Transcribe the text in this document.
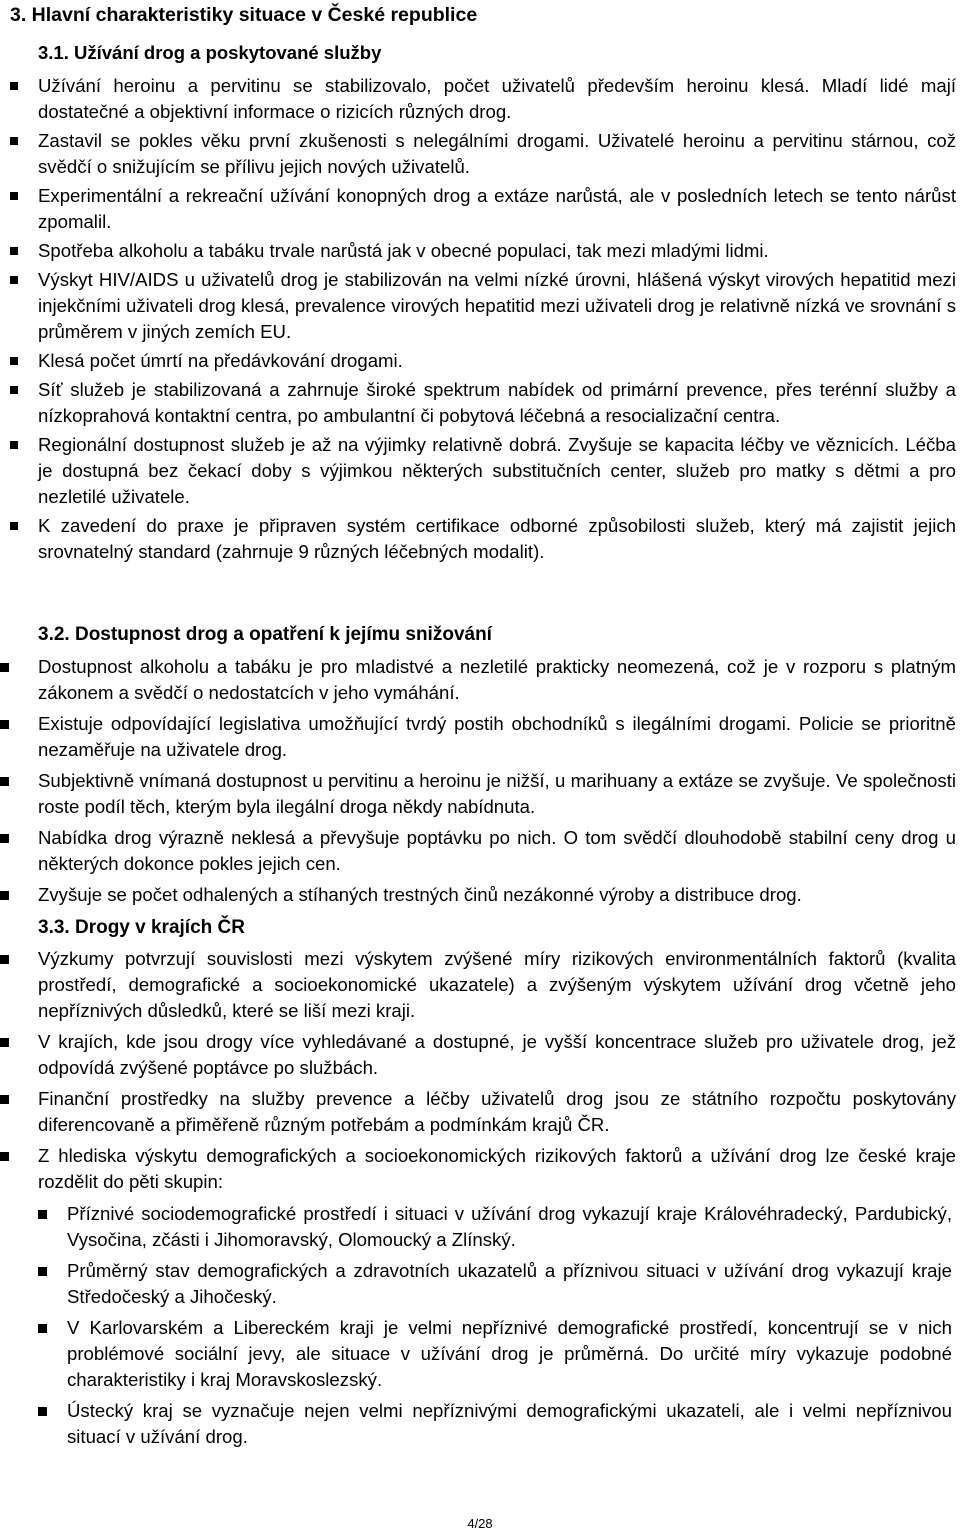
3. Hlavní charakteristiky situace v České republice
3.1. Užívání drog a poskytované služby
Užívání heroinu a pervitinu se stabilizovalo, počet uživatelů především heroinu klesá. Mladí lidé mají dostatečné a objektivní informace o rizicích různých drog.
Zastavil se pokles věku první zkušenosti s nelegálními drogami. Uživatelé heroinu a pervitinu stárnou, což svědčí o snižujícím se přílivu jejich nových uživatelů.
Experimentální a rekreační užívání konopných drog a extáze narůstá, ale v posledních letech se tento nárůst zpomalil.
Spotřeba alkoholu a tabáku trvale narůstá jak v obecné populaci, tak mezi mladými lidmi.
Výskyt HIV/AIDS u uživatelů drog je stabilizován na velmi nízké úrovni, hlášená výskyt virových hepatitid mezi injekčními uživateli drog klesá, prevalence virových hepatitid mezi uživateli drog je relativně nízká ve srovnání s průměrem v jiných zemích EU.
Klesá počet úmrtí na předávkování drogami.
Síť služeb je stabilizovaná a zahrnuje široké spektrum nabídek od primární prevence, přes terénní služby a nízkoprahová kontaktní centra, po ambulantní či pobytová léčebná a resocializační centra.
Regionální dostupnost služeb je až na výjimky relativně dobrá. Zvyšuje se kapacita léčby ve věznicích. Léčba je dostupná bez čekací doby s výjimkou některých substitučních center, služeb pro matky s dětmi a pro nezletilé uživatele.
K zavedení do praxe je připraven systém certifikace odborné způsobilosti služeb, který má zajistit jejich srovnatelný standard (zahrnuje 9 různých léčebných modalit).
3.2. Dostupnost drog a opatření k jejímu snižování
Dostupnost alkoholu a tabáku je pro mladistvé a nezletilé prakticky neomezená, což je v rozporu s platným zákonem a svědčí o nedostatcích v jeho vymáhání.
Existuje odpovídající legislativa umožňující tvrdý postih obchodníků s ilegálními drogami. Policie se prioritně nezaměřuje na uživatele drog.
Subjektivně vnímaná dostupnost u pervitinu a heroinu je nižší, u marihuany a extáze se zvyšuje. Ve společnosti roste podíl těch, kterým byla ilegální droga někdy nabídnuta.
Nabídka drog výrazně neklesá a převyšuje poptávku po nich. O tom svědčí dlouhodobě stabilní ceny drog u některých dokonce pokles jejich cen.
Zvyšuje se počet odhalených a stíhaných trestných činů nezákonné výroby a distribuce drog.
3.3. Drogy v krajích ČR
Výzkumy potvrzují souvislosti mezi výskytem zvýšené míry rizikových environmentálních faktorů (kvalita prostředí, demografické a socioekonomické ukazatele) a zvýšeným výskytem užívání drog včetně jeho nepříznivých důsledků, které se liší mezi kraji.
V krajích, kde jsou drogy více vyhledávané a dostupné, je vyšší koncentrace služeb pro uživatele drog, jež odpovídá zvýšené poptávce po službách.
Finanční prostředky na služby prevence a léčby uživatelů drog jsou ze státního rozpočtu poskytovány diferencovaně a přiměřeně různým potřebám a podmínkám krajů ČR.
Z hlediska výskytu demografických a socioekonomických rizikových faktorů a užívání drog lze české kraje rozdělit do pěti skupin:
Příznivé sociodemografické prostředí i situaci v užívání drog vykazují kraje Královéhradecký, Pardubický, Vysočina, zčásti i Jihomoravský, Olomoucký a Zlínský.
Průměrný stav demografických a zdravotních ukazatelů a příznivou situaci v užívání drog vykazují kraje Středočeský a Jihočeský.
V Karlovarském a Libereckém kraji je velmi nepříznivé demografické prostředí, koncentrují se v nich problémové sociální jevy, ale situace v užívání drog je průměrná. Do určité míry vykazuje podobné charakteristiky i kraj Moravskoslezský.
Ústecký kraj se vyznačuje nejen velmi nepříznivými demografickými ukazateli, ale i velmi nepříznivou situací v užívání drog.
4/28
